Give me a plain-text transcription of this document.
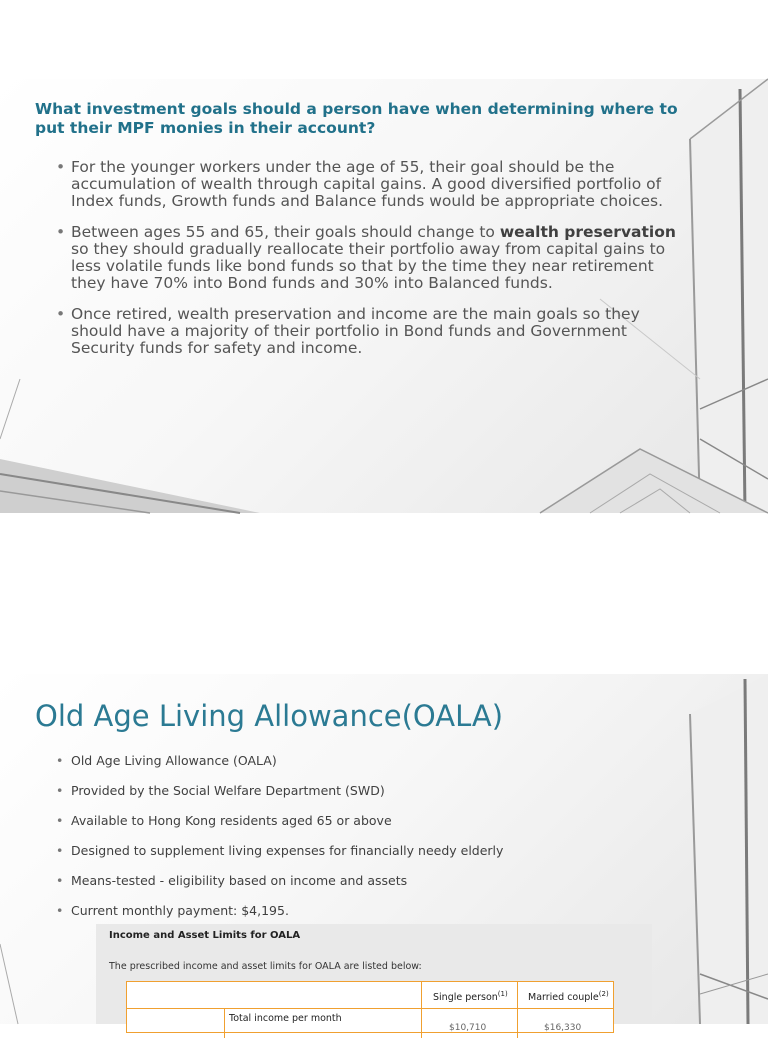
What investment goals should a person have when determining where to put their MPF monies in their account?
• For the younger workers under the age of 55, their goal should be the accumulation of wealth through capital gains. A good diversified portfolio of Index funds, Growth funds and Balance funds would be appropriate choices.
• Between ages 55 and 65, their goals should change to wealth preservation so they should gradually reallocate their portfolio away from capital gains to less volatile funds like bond funds so that by the time they near retirement they have 70% into Bond funds and 30% into Balanced funds.
• Once retired, wealth preservation and income are the main goals so they should have a majority of their portfolio in Bond funds and Government Security funds for safety and income.
Old Age Living Allowance(OALA)
• Old Age Living Allowance (OALA)
• Provided by the Social Welfare Department (SWD)
• Available to Hong Kong residents aged 65 or above
• Designed to supplement living expenses for financially needy elderly
• Means-tested - eligibility based on income and assets
• Current monthly payment: $4,195.
Income and Asset Limits for OALA
The prescribed income and asset limits for OALA are listed below:
Single person$^{(1)}$ Married couple$^{(2)}$
Total income per month
$10,710	$16,330
